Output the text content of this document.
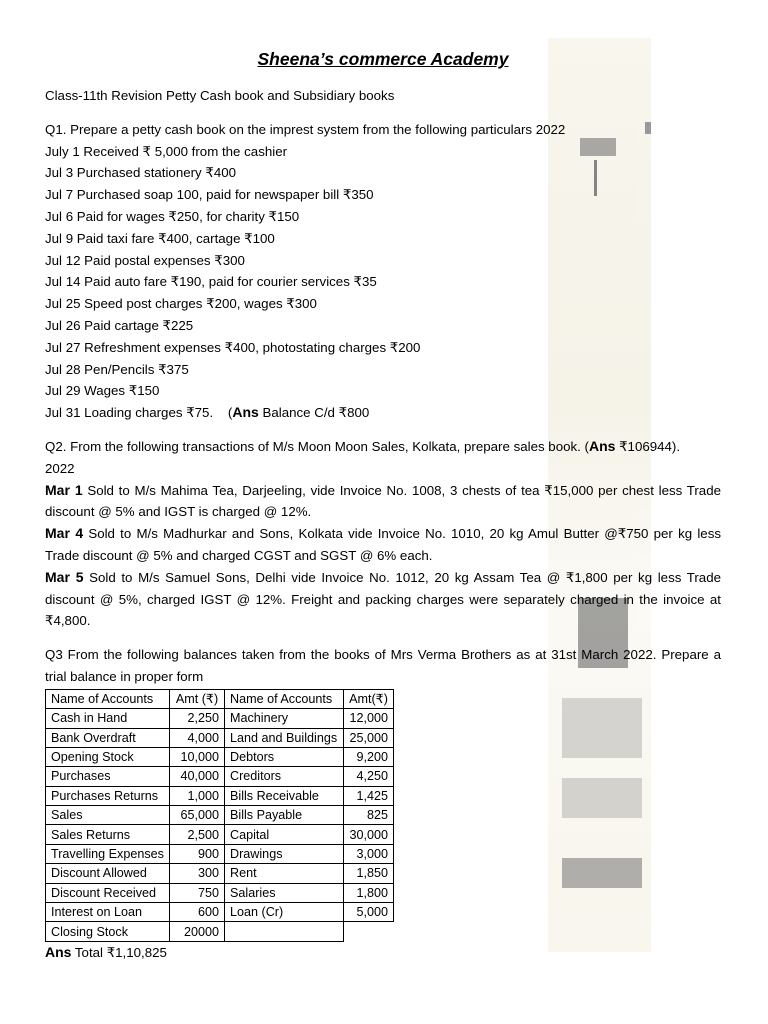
Sheena’s commerce Academy
Class-11th Revision Petty Cash book and Subsidiary books
Q1. Prepare a petty cash book on the imprest system from the following particulars 2022
July 1 Received ₹ 5,000 from the cashier
Jul 3 Purchased stationery ₹400
Jul 7 Purchased soap 100, paid for newspaper bill ₹350
Jul 6 Paid for wages ₹250, for charity ₹150
Jul 9 Paid taxi fare ₹400, cartage ₹100
Jul 12 Paid postal expenses ₹300
Jul 14 Paid auto fare ₹190, paid for courier services ₹35
Jul 25 Speed post charges ₹200, wages ₹300
Jul 26 Paid cartage ₹225
Jul 27 Refreshment expenses ₹400, photostating charges ₹200
Jul 28 Pen/Pencils ₹375
Jul 29 Wages ₹150
Jul 31 Loading charges ₹75. (Ans Balance C/d ₹800
Q2. From the following transactions of M/s Moon Moon Sales, Kolkata, prepare sales book. (Ans ₹106944).
2022
Mar 1 Sold to M/s Mahima Tea, Darjeeling, vide Invoice No. 1008, 3 chests of tea ₹15,000 per chest less Trade discount @ 5% and IGST is charged @ 12%.
Mar 4 Sold to M/s Madhurkar and Sons, Kolkata vide Invoice No. 1010, 20 kg Amul Butter @₹750 per kg less Trade discount @ 5% and charged CGST and SGST @ 6% each.
Mar 5 Sold to M/s Samuel Sons, Delhi vide Invoice No. 1012, 20 kg Assam Tea @ ₹1,800 per kg less Trade discount @ 5%, charged IGST @ 12%. Freight and packing charges were separately charged in the invoice at ₹4,800.
Q3 From the following balances taken from the books of Mrs Verma Brothers as at 31st March 2022. Prepare a trial balance in proper form
Name of Accounts	Amt (₹)	Name of Accounts	Amt(₹)
Cash in Hand	2,250	Machinery	12,000
Bank Overdraft	4,000	Land and Buildings	25,000
Opening Stock	10,000	Debtors	9,200
Purchases	40,000	Creditors	4,250
Purchases Returns	1,000	Bills Receivable	1,425
Sales	65,000	Bills Payable	825
Sales Returns	2,500	Capital	30,000
Travelling Expenses	900	Drawings	3,000
Discount Allowed	300	Rent	1,850
Discount Received	750	Salaries	1,800
Interest on Loan	600	Loan (Cr)	5,000
Closing Stock	20000		
Ans Total ₹1,10,825
